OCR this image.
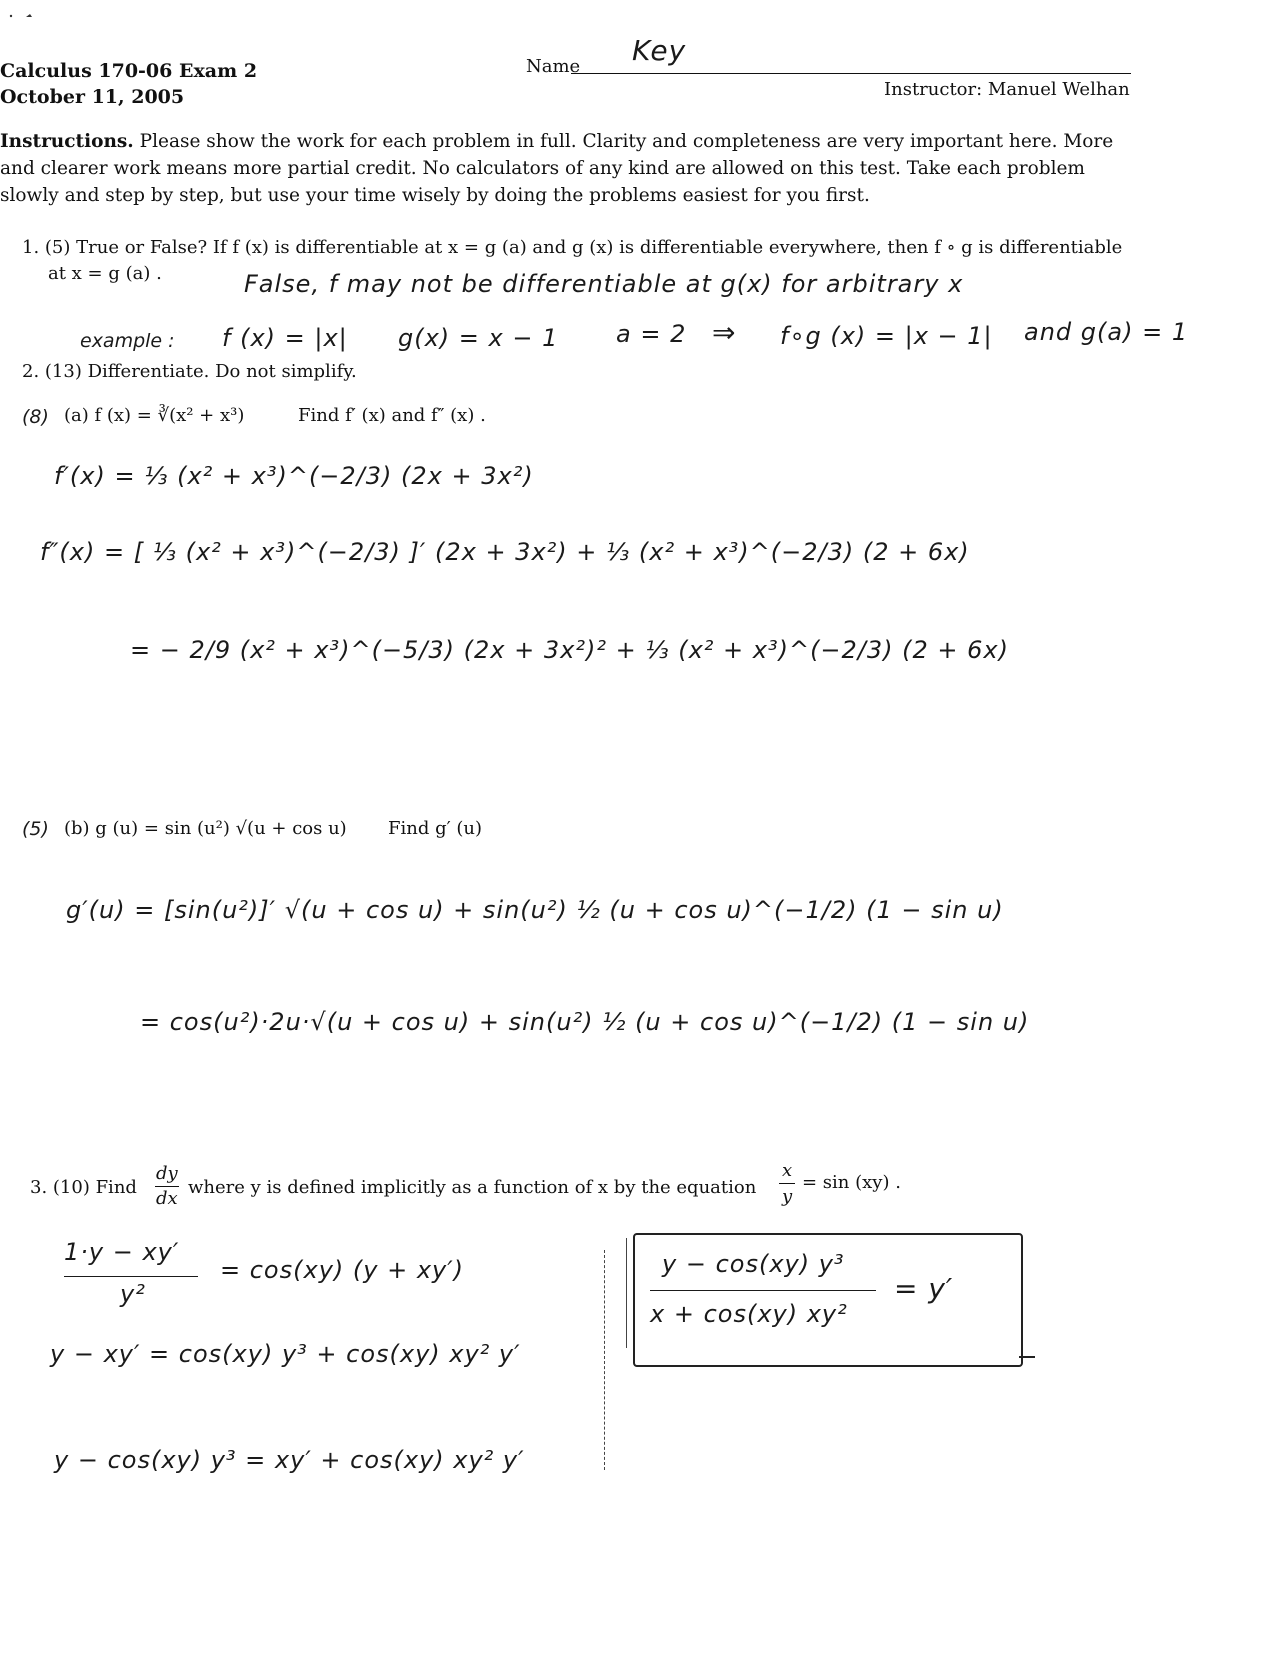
Calculus 170-06 Exam 2
October 11, 2005
Name Key
Instructor: Manuel Welhan
Instructions. Please show the work for each problem in full. Clarity and completeness are very important here. More and clearer work means more partial credit. No calculators of any kind are allowed on this test. Take each problem slowly and step by step, but use your time wisely by doing the problems easiest for you first.
1. (5) True or False? If f (x) is differentiable at x = g (a) and g (x) is differentiable everywhere, then f ∘ g is differentiable
at x = g (a) .	False, f may not be differentiable at g(x) for arbitrary x
example : f (x) = |x| g(x) = x − 1 a = 2 ⇒ f∘g (x) = |x − 1| and g(a) = 1
2. (13) Differentiate. Do not simplify.
(8) (a) f (x) = ∛(x² + x³)	Find f′ (x) and f″ (x) .
f′(x) = ⅓ (x² + x³)^(−2/3) (2x + 3x²)
f″(x) = [ ⅓ (x² + x³)^(−2/3) ]′ (2x + 3x²) + ⅓ (x² + x³)^(−2/3) (2 + 6x)
= − 2/9 (x² + x³)^(−5/3) (2x + 3x²)² + ⅓ (x² + x³)^(−2/3) (2 + 6x)
(5) (b) g (u) = sin (u²) √(u + cos u) Find g′ (u)
g′(u) = [sin(u²)]′ √(u + cos u) + sin(u²) ½ (u + cos u)^(−1/2) (1 − sin u)
= cos(u²)·2u·√(u + cos u) + sin(u²) ½ (u + cos u)^(−1/2) (1 − sin u)
3. (10) Find
dy
dx
where y is defined implicitly as a function of x by the equation
x
y
= sin (xy) .
1·y − xy′
y²
= cos(xy) (y + xy′)
y − xy′ = cos(xy) y³ + cos(xy) xy² y′
y − cos(xy) y³ = xy′ + cos(xy) xy² y′
y − cos(xy) y³
x + cos(xy) xy²
= y′
